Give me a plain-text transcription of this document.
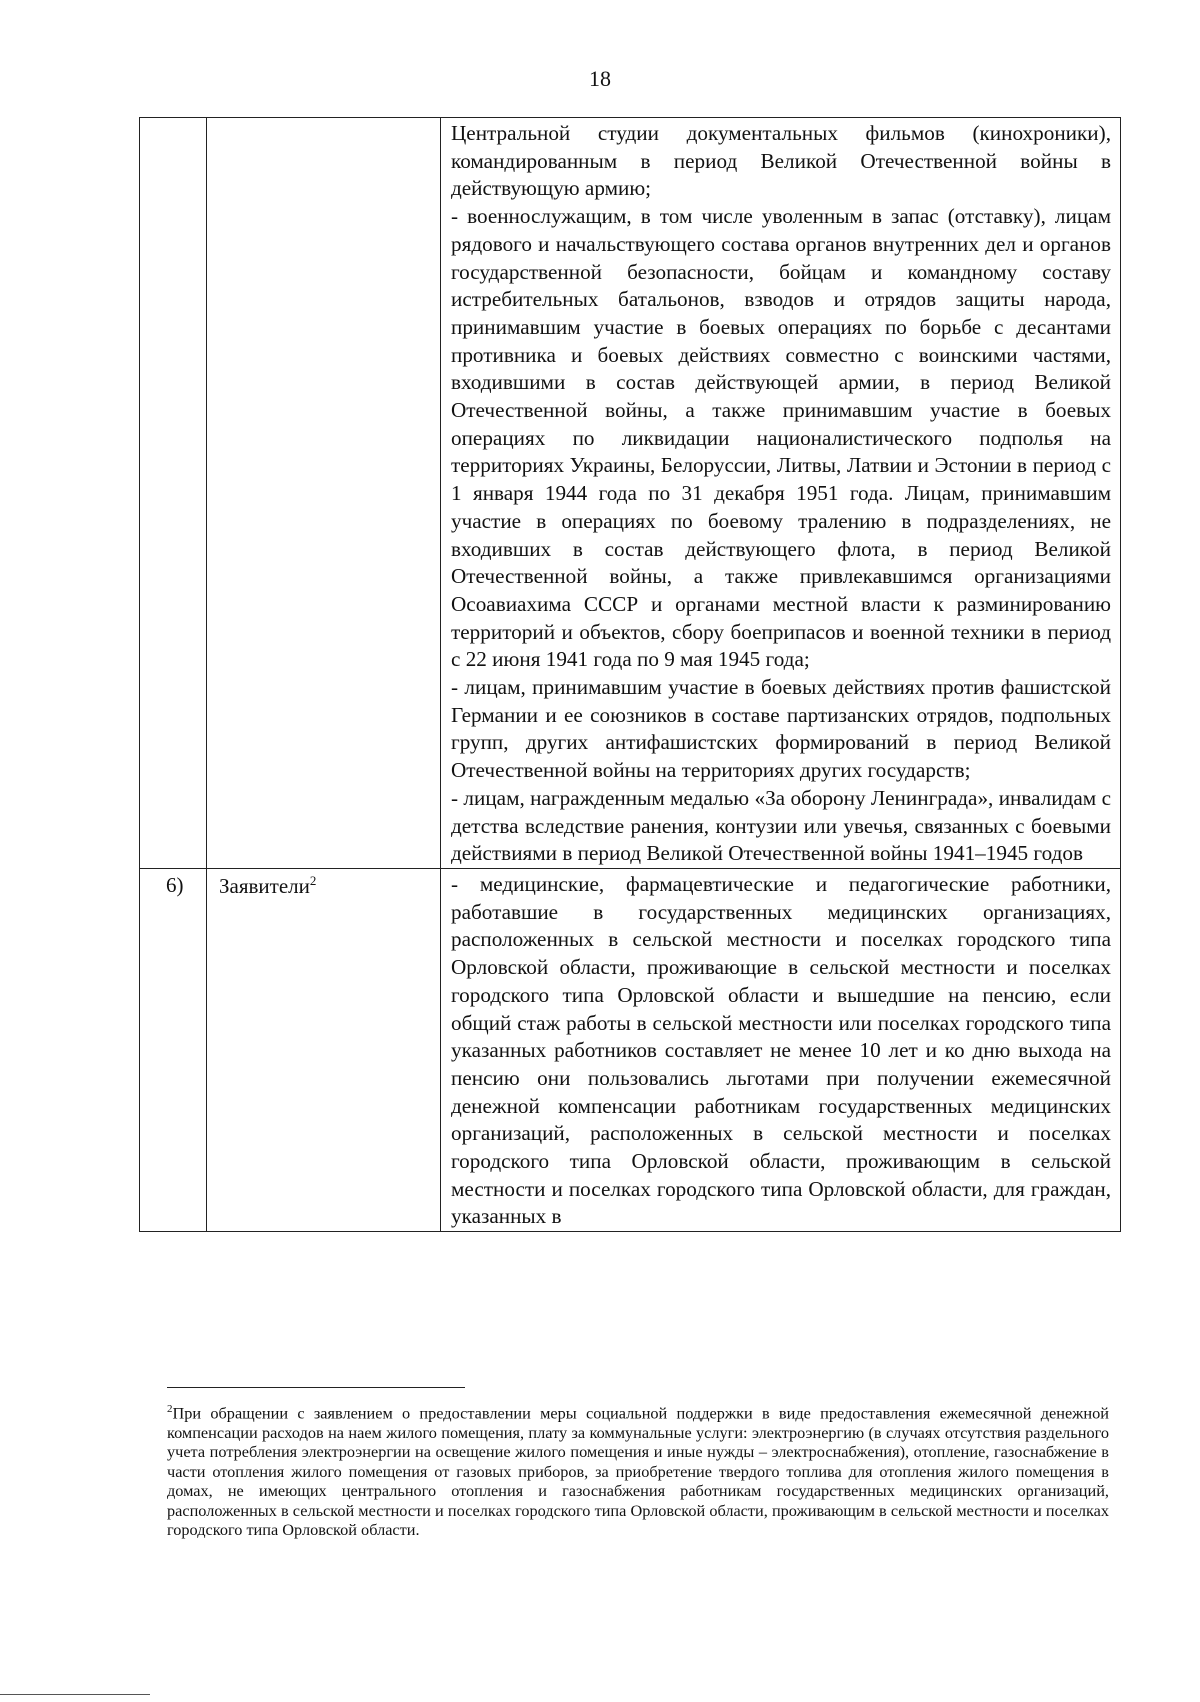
18

		Центральной студии документальных фильмов (кинохроники), командированным в период Великой Отечественной войны в действующую армию;

- военнослужащим, в том числе уволенным в запас (отставку), лицам рядового и начальствующего состава органов внутренних дел и органов государственной безопасности, бойцам и командному составу истребительных батальонов, взводов и отрядов защиты народа, принимавшим участие в боевых операциях по борьбе с десантами противника и боевых действиях совместно с воинскими частями, входившими в состав действующей армии, в период Великой Отечественной войны, а также принимавшим участие в боевых операциях по ликвидации националистического подполья на территориях Украины, Белоруссии, Литвы, Латвии и Эстонии в период с 1 января 1944 года по 31 декабря 1951 года. Лицам, принимавшим участие в операциях по боевому тралению в подразделениях, не входивших в состав действующего флота, в период Великой Отечественной войны, а также привлекавшимся организациями Осоавиахима СССР и органами местной власти к разминированию территорий и объектов, сбору боеприпасов и военной техники в период с 22 июня 1941 года по 9 мая 1945 года;

- лицам, принимавшим участие в боевых действиях против фашистской Германии и ее союзников в составе партизанских отрядов, подпольных групп, других антифашистских формирований в период Великой Отечественной войны на территориях других государств;

- лицам, награжденным медалью «За оборону Ленинграда», инвалидам с детства вследствие ранения, контузии или увечья, связанных с боевыми действиями в период Великой Отечественной войны 1941–1945 годов

6)	Заявители$^2$	- медицинские, фармацевтические и педагогические работники, работавшие в государственных медицинских организациях, расположенных в сельской местности и поселках городского типа Орловской области, проживающие в сельской местности и поселках городского типа Орловской области и вышедшие на пенсию, если общий стаж работы в сельской местности или поселках городского типа указанных работников составляет не менее 10 лет и ко дню выхода на пенсию они пользовались льготами при получении ежемесячной денежной компенсации работникам государственных медицинских организаций, расположенных в сельской местности и поселках городского типа Орловской области, проживающим в сельской местности и поселках городского типа Орловской области, для граждан, указанных в

$^2$При обращении с заявлением о предоставлении меры социальной поддержки в виде предоставления ежемесячной денежной компенсации расходов на наем жилого помещения, плату за коммунальные услуги: электроэнергию (в случаях отсутствия раздельного учета потребления электроэнергии на освещение жилого помещения и иные нужды – электроснабжения), отопление, газоснабжение в части отопления жилого помещения от газовых приборов, за приобретение твердого топлива для отопления жилого помещения в домах, не имеющих центрального отопления и газоснабжения работникам государственных медицинских организаций, расположенных в сельской местности и поселках городского типа Орловской области, проживающим в сельской местности и поселках городского типа Орловской области.
